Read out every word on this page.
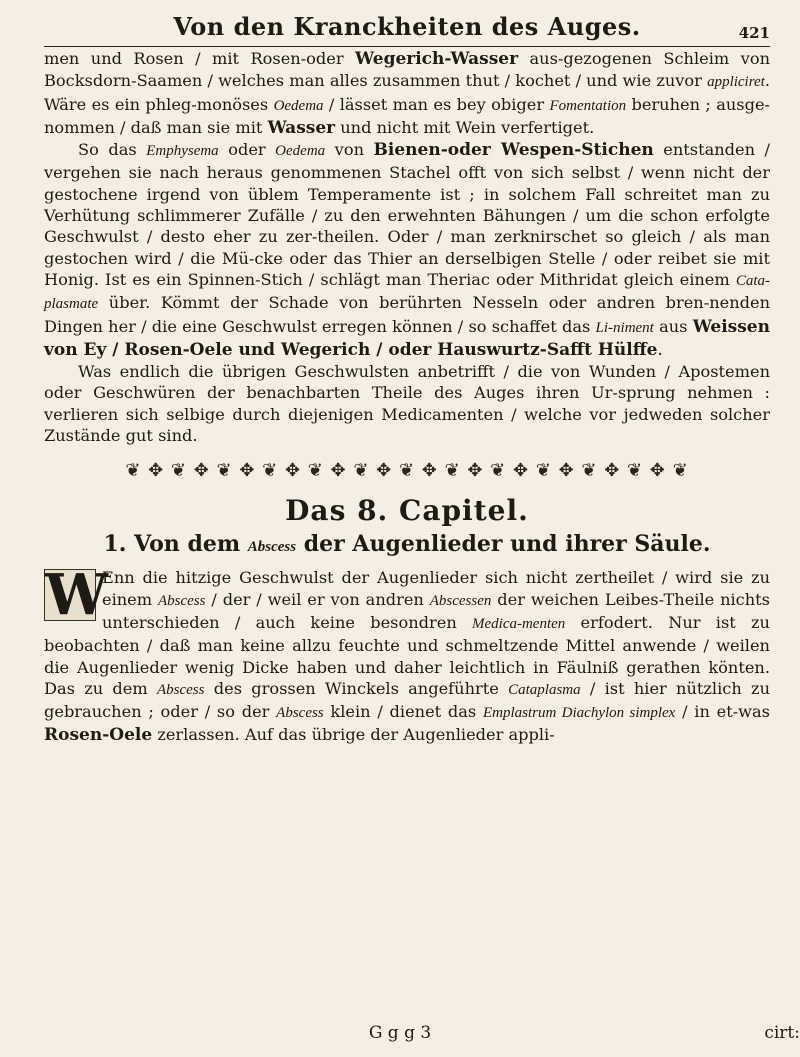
Von den Kranckheiten des Auges.	421

men und Rosen / mit Rosen-oder Wegerich-Wasser aus-gezogenen Schleim von Bocksdorn-Saamen / welches man alles zusammen thut / kochet / und wie zuvor appliciret. Wäre es ein phleg-monöses Oedema / lässet man es bey obiger Fomentation beruhen ; ausge-nommen / daß man sie mit Wasser und nicht mit Wein verfertiget.

So das Emphysema oder Oedema von Bienen-oder Wespen-Stichen entstanden / vergehen sie nach heraus genommenen Stachel offt von sich selbst / wenn nicht der gestochene irgend von üblem Temperamente ist ; in solchem Fall schreitet man zu Verhütung schlimmerer Zufälle / zu den erwehnten Bähungen / um die schon erfolgte Geschwulst / desto eher zu zer-theilen. Oder / man zerknirschet so gleich / als man gestochen wird / die Mü-cke oder das Thier an derselbigen Stelle / oder reibet sie mit Honig. Ist es ein Spinnen-Stich / schlägt man Theriac oder Mithridat gleich einem Cata-plasmate über. Kömmt der Schade von berührten Nesseln oder andren bren-nenden Dingen her / die eine Geschwulst erregen können / so schaffet das Li-niment aus Weissen von Ey / Rosen-Oele und Wegerich / oder Hauswurtz-Safft Hülffe.

Was endlich die übrigen Geschwulsten anbetrifft / die von Wunden / Apostemen oder Geschwüren der benachbarten Theile des Auges ihren Ur-sprung nehmen : verlieren sich selbige durch diejenigen Medicamenten / welche vor jedweden solcher Zustände gut sind.

❦ ✥ ❦ ✥ ❦ ✥ ❦ ✥ ❦ ✥ ❦ ✥ ❦ ✥ ❦ ✥ ❦ ✥ ❦ ✥ ❦ ✥ ❦ ✥ ❦
Das 8. Capitel.
1. Von dem Abscess der Augenlieder und ihrer Säule.

W
Enn die hitzige Geschwulst der Augenlieder sich nicht zertheilet / wird sie zu einem Abscess / der / weil er von andren Abscessen der weichen Leibes-Theile nichts unterschieden / auch keine besondren Medica-menten erfodert. Nur ist zu beobachten / daß man keine allzu feuchte und schmeltzende Mittel anwende / weilen die Augenlieder wenig Dicke haben und daher leichtlich in Fäulniß gerathen könten. Das zu dem Abscess des grossen Winckels angeführte Cataplasma / ist hier nützlich zu gebrauchen ; oder / so der Abscess klein / dienet das Emplastrum Diachylon simplex / in et-was Rosen-Oele zerlassen. Auf das übrige der Augenlieder appli-

G g g 3	cirt:
